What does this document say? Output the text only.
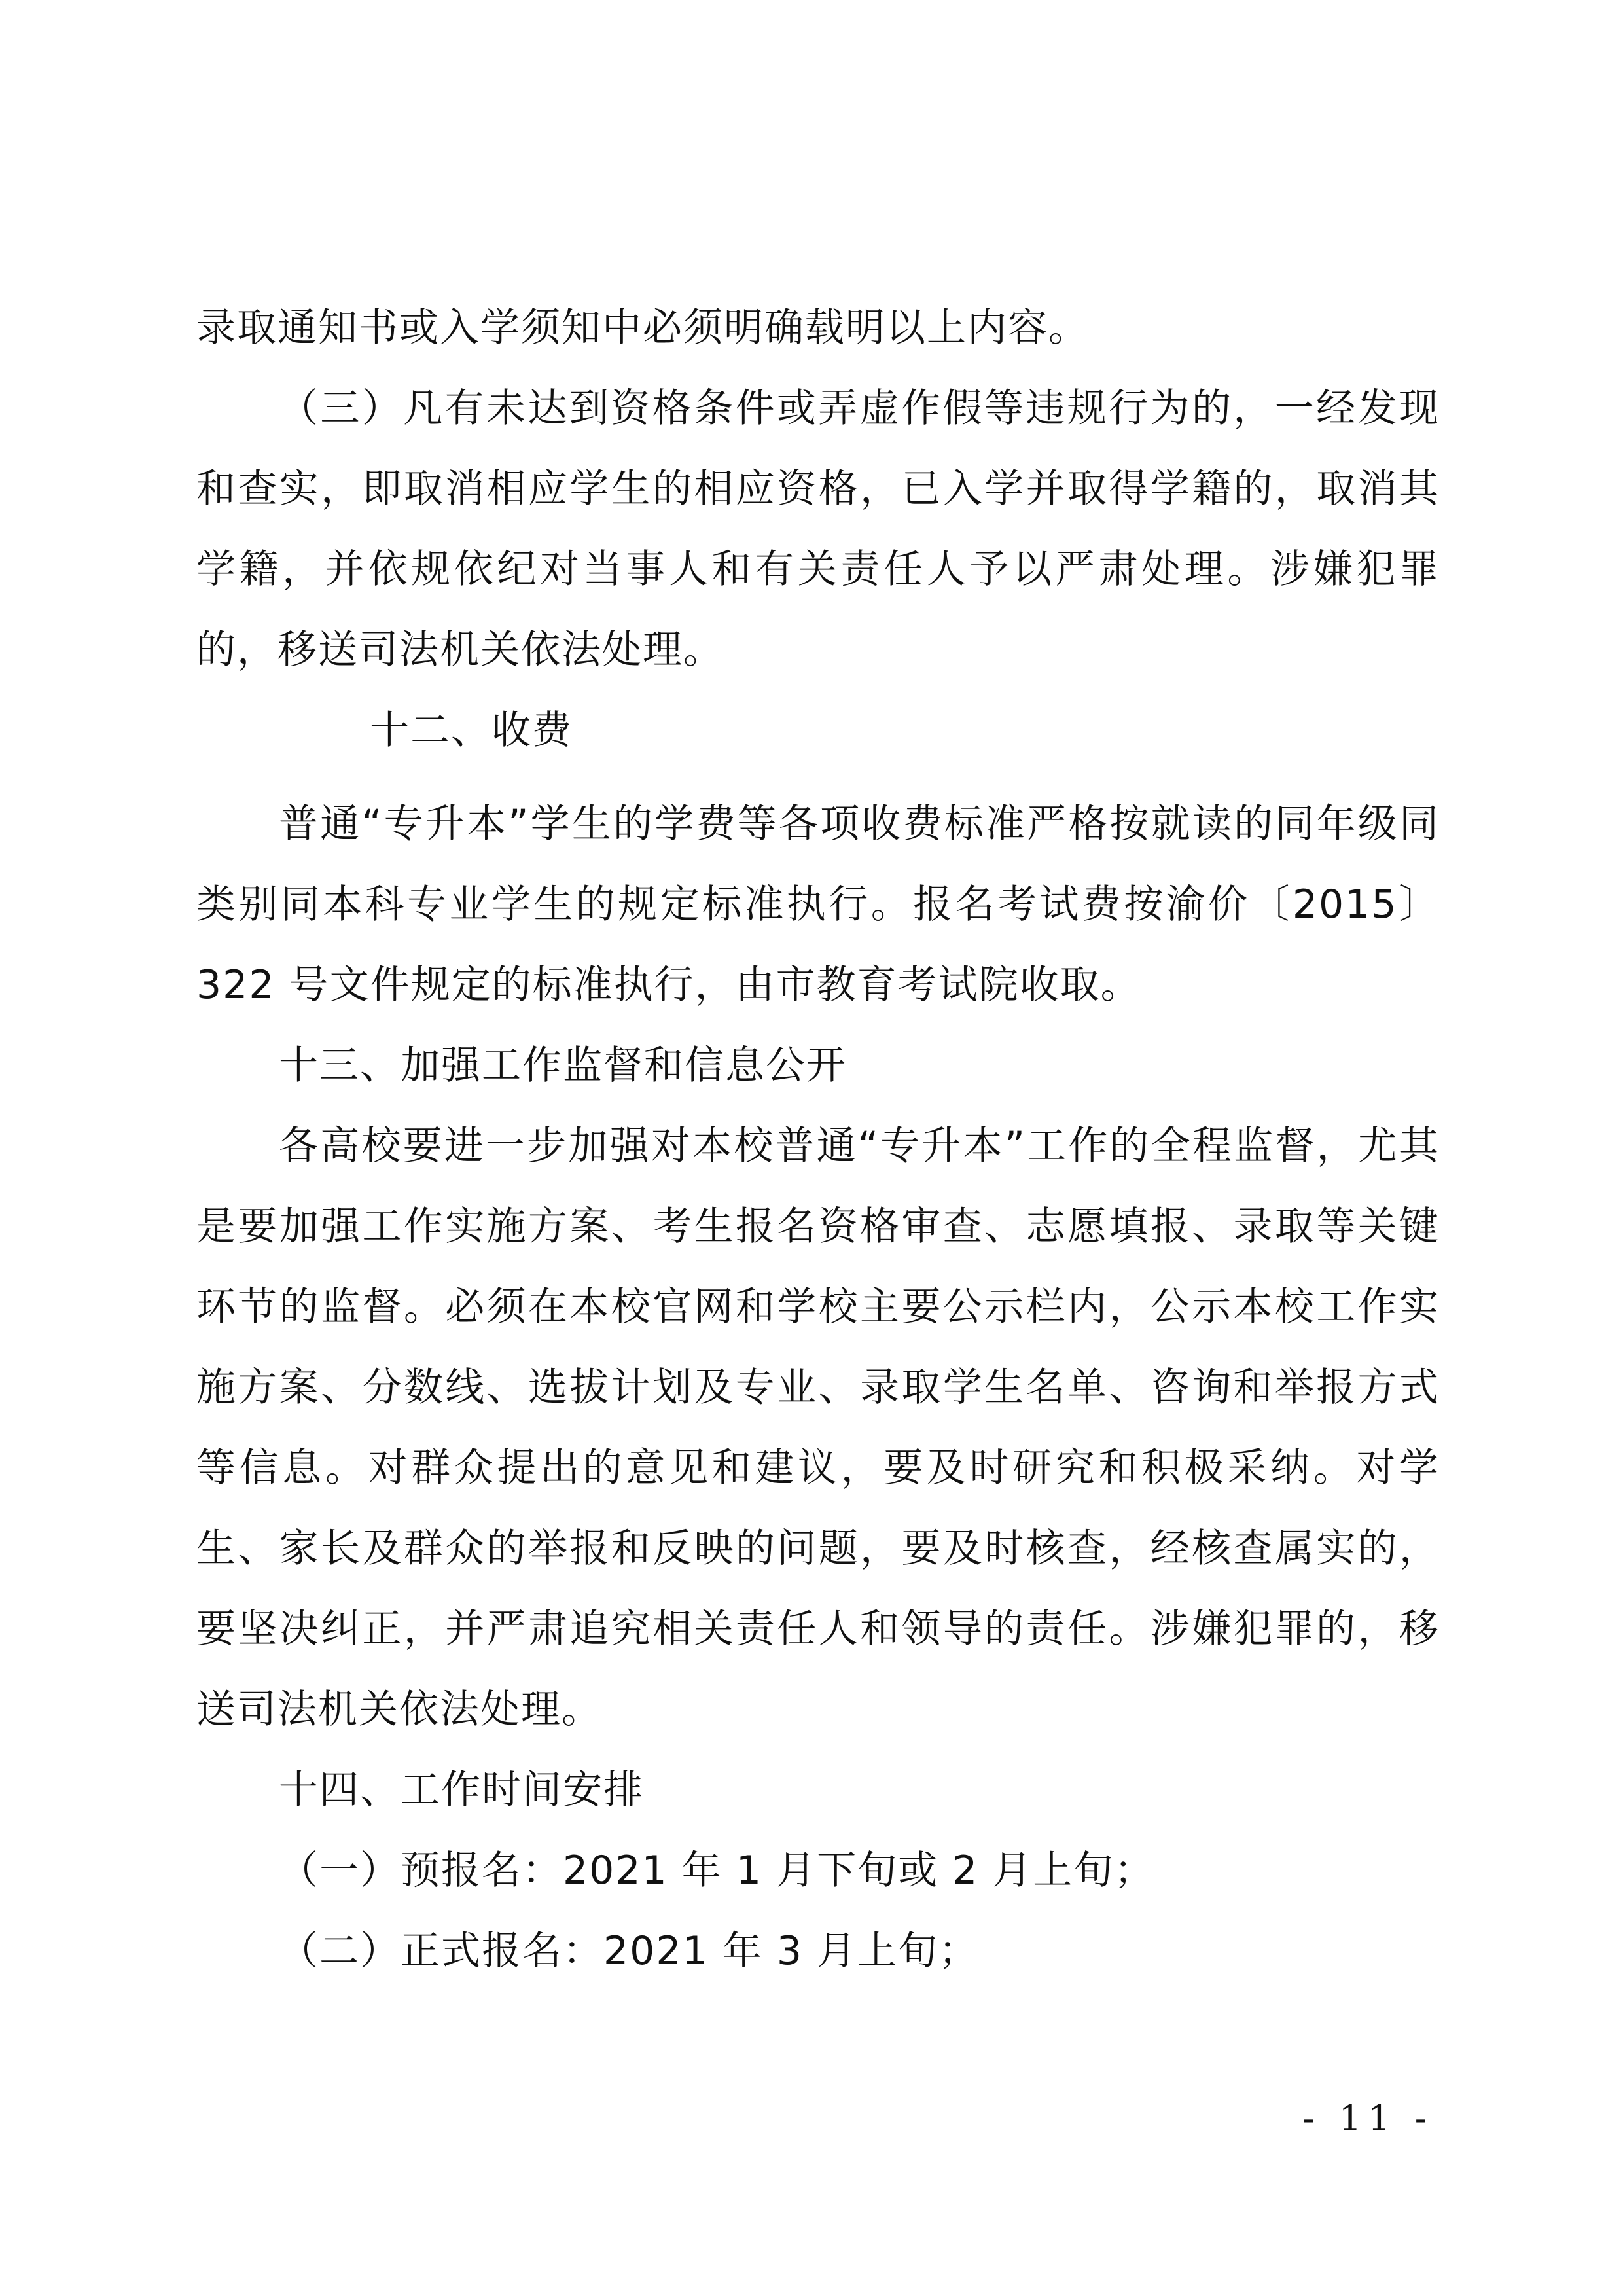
录取通知书或入学须知中必须明确载明以上内容。

（三）凡有未达到资格条件或弄虚作假等违规行为的，一经发现和查实，即取消相应学生的相应资格，已入学并取得学籍的，取消其学籍，并依规依纪对当事人和有关责任人予以严肃处理。涉嫌犯罪的，移送司法机关依法处理。

十二、收费

普通“专升本”学生的学费等各项收费标准严格按就读的同年级同类别同本科专业学生的规定标准执行。报名考试费按渝价〔2015〕322 号文件规定的标准执行，由市教育考试院收取。

十三、加强工作监督和信息公开

各高校要进一步加强对本校普通“专升本”工作的全程监督，尤其是要加强工作实施方案、考生报名资格审查、志愿填报、录取等关键环节的监督。必须在本校官网和学校主要公示栏内，公示本校工作实施方案、分数线、选拔计划及专业、录取学生名单、咨询和举报方式等信息。对群众提出的意见和建议，要及时研究和积极采纳。对学生、家长及群众的举报和反映的问题，要及时核查，经核查属实的，要坚决纠正，并严肃追究相关责任人和领导的责任。涉嫌犯罪的，移送司法机关依法处理。

十四、工作时间安排

（一）预报名：2021 年 1 月下旬或 2 月上旬；

（二）正式报名：2021 年 3 月上旬；

- 11 -
